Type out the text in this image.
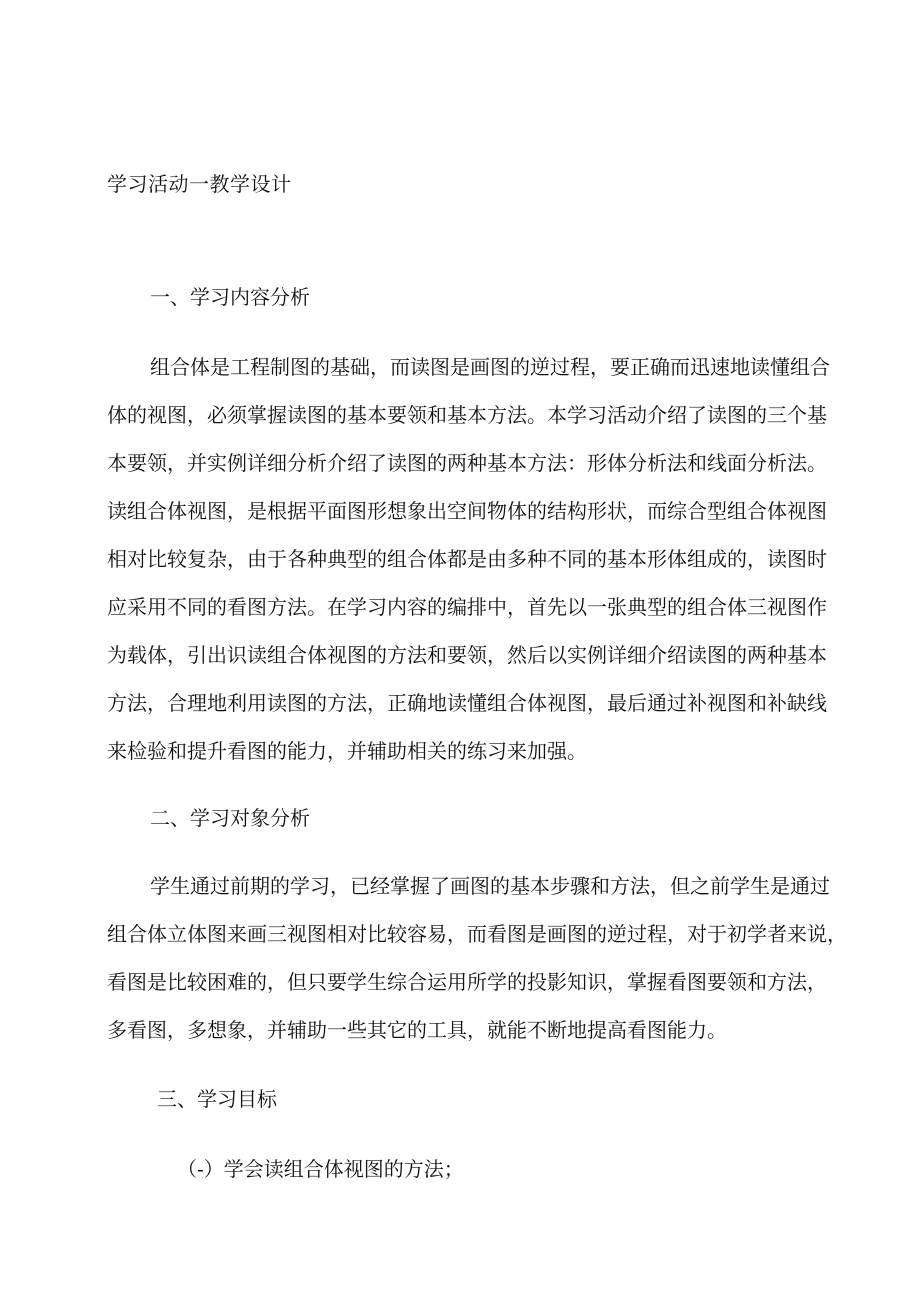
学习活动一教学设计
一、学习内容分析
组合体是工程制图的基础，而读图是画图的逆过程，要正确而迅速地读懂组合
体的视图，必须掌握读图的基本要领和基本方法。本学习活动介绍了读图的三个基
本要领，并实例详细分析介绍了读图的两种基本方法：形体分析法和线面分析法。
读组合体视图，是根据平面图形想象出空间物体的结构形状，而综合型组合体视图
相对比较复杂，由于各种典型的组合体都是由多种不同的基本形体组成的，读图时
应采用不同的看图方法。在学习内容的编排中，首先以一张典型的组合体三视图作
为载体，引出识读组合体视图的方法和要领，然后以实例详细介绍读图的两种基本
方法，合理地利用读图的方法，正确地读懂组合体视图，最后通过补视图和补缺线
来检验和提升看图的能力，并辅助相关的练习来加强。
二、学习对象分析
学生通过前期的学习，已经掌握了画图的基本步骤和方法，但之前学生是通过
组合体立体图来画三视图相对比较容易，而看图是画图的逆过程，对于初学者来说，
看图是比较困难的，但只要学生综合运用所学的投影知识，掌握看图要领和方法，
多看图，多想象，并辅助一些其它的工具，就能不断地提高看图能力。
三、学习目标
（-）学会读组合体视图的方法；
